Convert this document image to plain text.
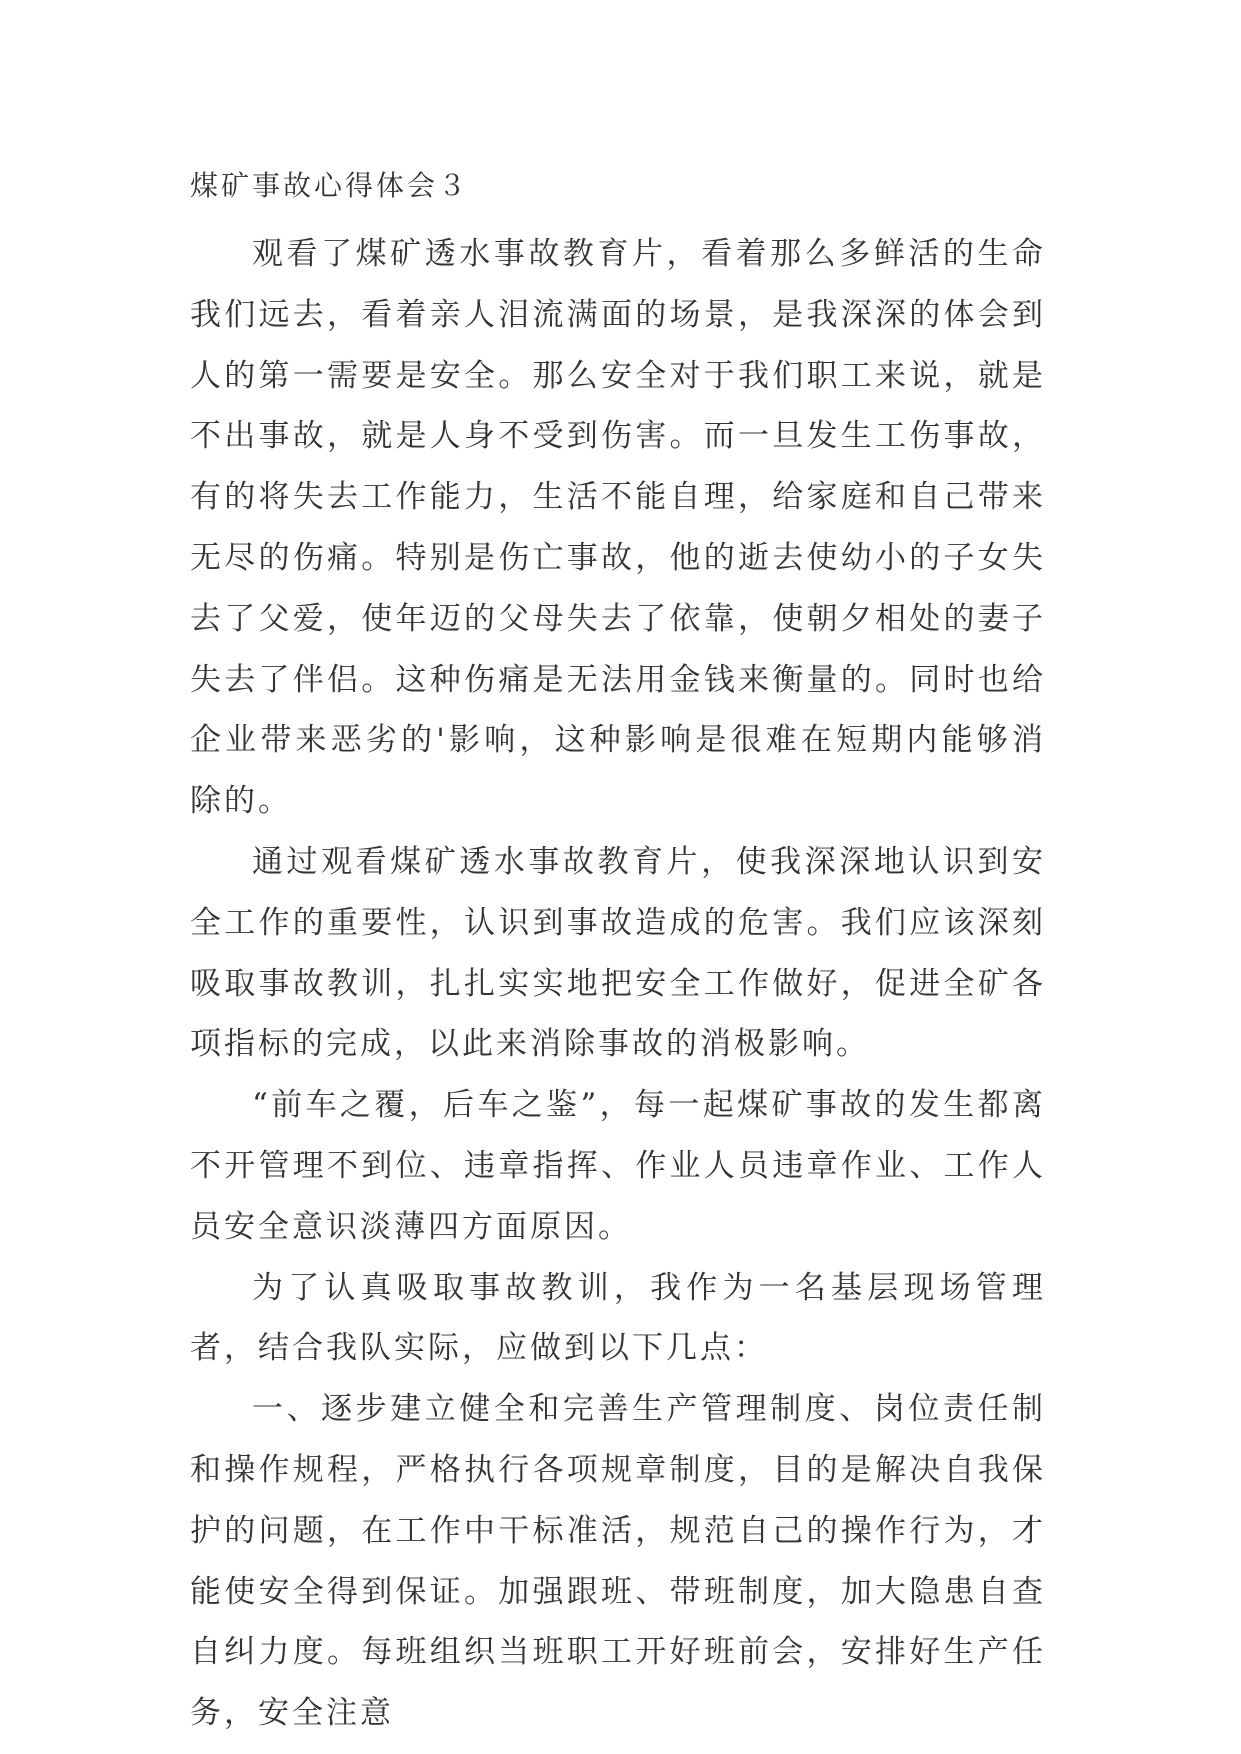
煤矿事故心得体会３

观看了煤矿透水事故教育片，看着那么多鲜活的生命我们远去，看着亲人泪流满面的场景，是我深深的体会到人的第一需要是安全。那么安全对于我们职工来说，就是不出事故，就是人身不受到伤害。而一旦发生工伤事故，有的将失去工作能力，生活不能自理，给家庭和自己带来无尽的伤痛。特别是伤亡事故，他的逝去使幼小的子女失去了父爱，使年迈的父母失去了依靠，使朝夕相处的妻子失去了伴侣。这种伤痛是无法用金钱来衡量的。同时也给企业带来恶劣的'影响，这种影响是很难在短期内能够消除的。

通过观看煤矿透水事故教育片，使我深深地认识到安全工作的重要性，认识到事故造成的危害。我们应该深刻吸取事故教训，扎扎实实地把安全工作做好，促进全矿各项指标的完成，以此来消除事故的消极影响。

“前车之覆，后车之鉴”，每一起煤矿事故的发生都离不开管理不到位、违章指挥、作业人员违章作业、工作人员安全意识淡薄四方面原因。

为了认真吸取事故教训，我作为一名基层现场管理者，结合我队实际，应做到以下几点：

一、逐步建立健全和完善生产管理制度、岗位责任制和操作规程，严格执行各项规章制度，目的是解决自我保护的问题，在工作中干标准活，规范自己的操作行为，才能使安全得到保证。加强跟班、带班制度，加大隐患自查自纠力度。每班组织当班职工开好班前会，安排好生产任务，安全注意
